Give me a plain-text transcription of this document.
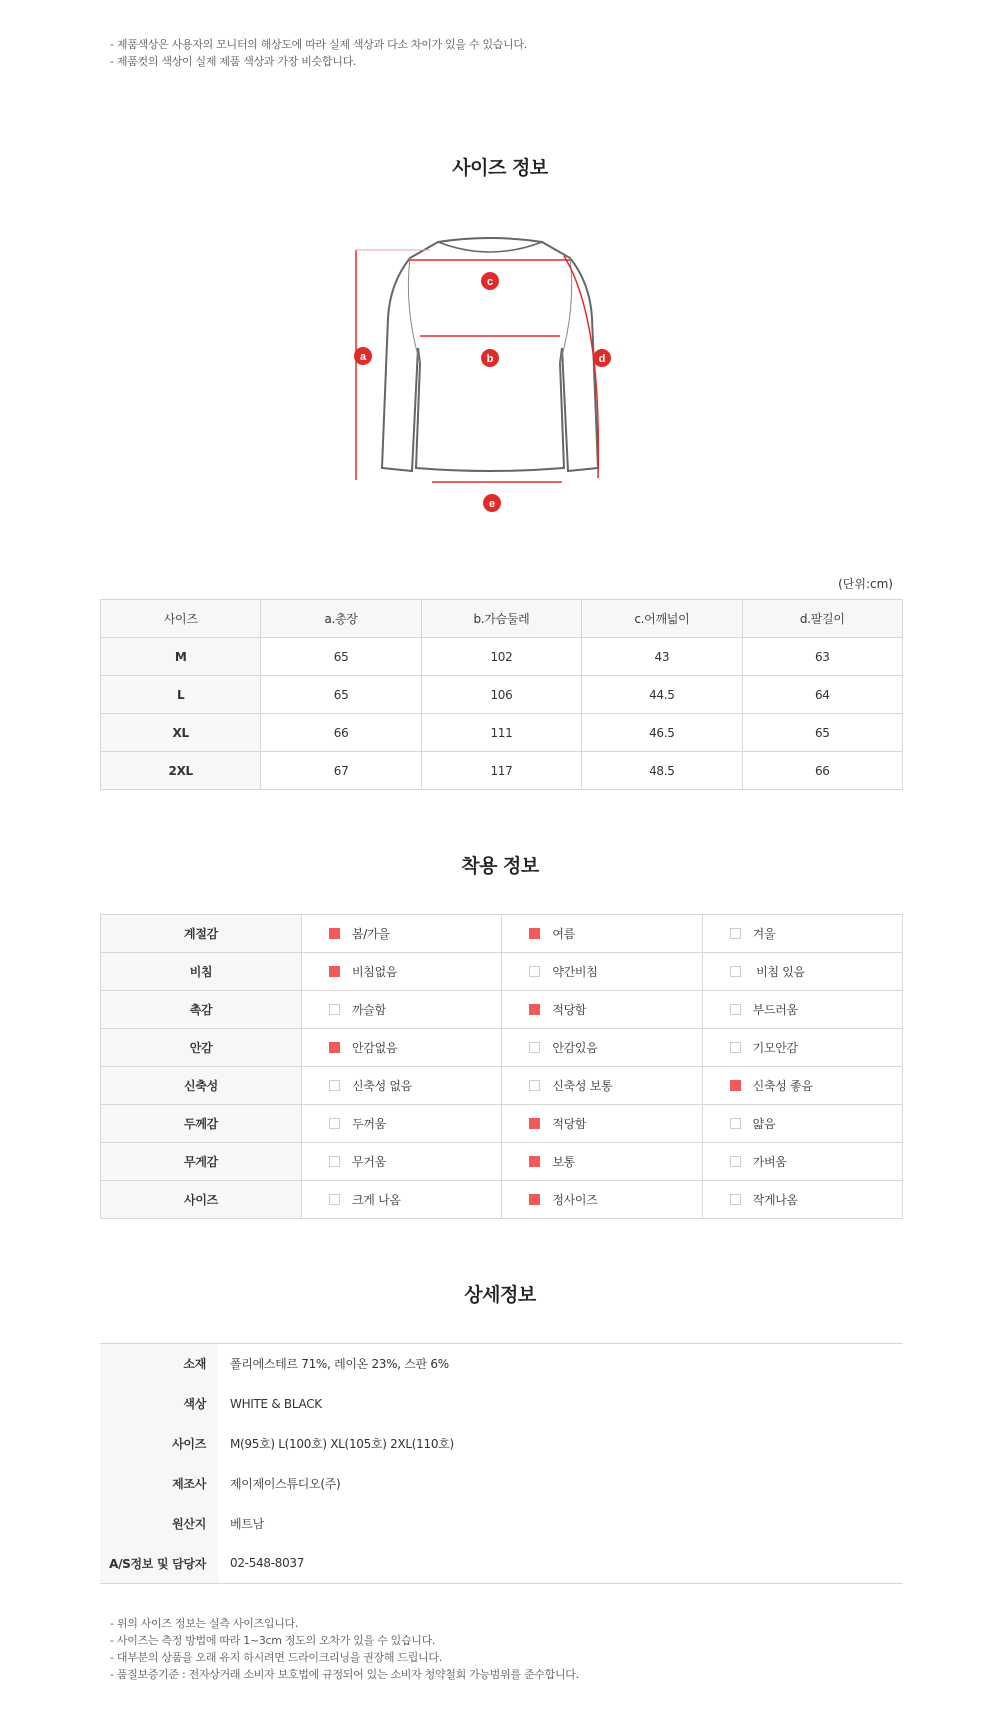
- 제품색상은 사용자의 모니터의 해상도에 따라 실제 색상과 다소 차이가 있을 수 있습니다.
- 제품컷의 색상이 실제 제품 색상과 가장 비슷합니다.
사이즈 정보
a
c
b	d
e
(단위:cm)
사이즈	a.총장	b.가슴둘레	c.어깨넓이	d.팔길이
M	65	102	43	63
L	65	106	44.5	64
XL	66	111	46.5	65
2XL	67	117	48.5	66
착용 정보
계절감	봄/가을	여름	겨울
비침	비침없음	약간비침	비침 있음
촉감	까슬함	적당함	부드러움
안감	안감없음	안감있음	기모안감
신축성	신축성 없음	신축성 보통	신축성 좋음
두께감	두꺼움	적당함	얇음
무게감	무거움	보통	가벼움
사이즈	크게 나옴	정사이즈	작게나옴
상세정보
소재	폴리에스테르 71%, 레이온 23%, 스판 6%
색상	WHITE & BLACK
사이즈	M(95호) L(100호) XL(105호) 2XL(110호)
제조사	제이제이스튜디오(주)
원산지	베트남
A/S정보 및 담당자	02-548-8037
- 위의 사이즈 정보는 실측 사이즈입니다.
- 사이즈는 측정 방법에 따라 1~3cm 정도의 오차가 있을 수 있습니다.
- 대부분의 상품을 오래 유지 하시려면 드라이크리닝을 권장해 드립니다.
- 품질보증기준 : 전자상거래 소비자 보호법에 규정되어 있는 소비자 청약철회 가능범위를 준수합니다.
